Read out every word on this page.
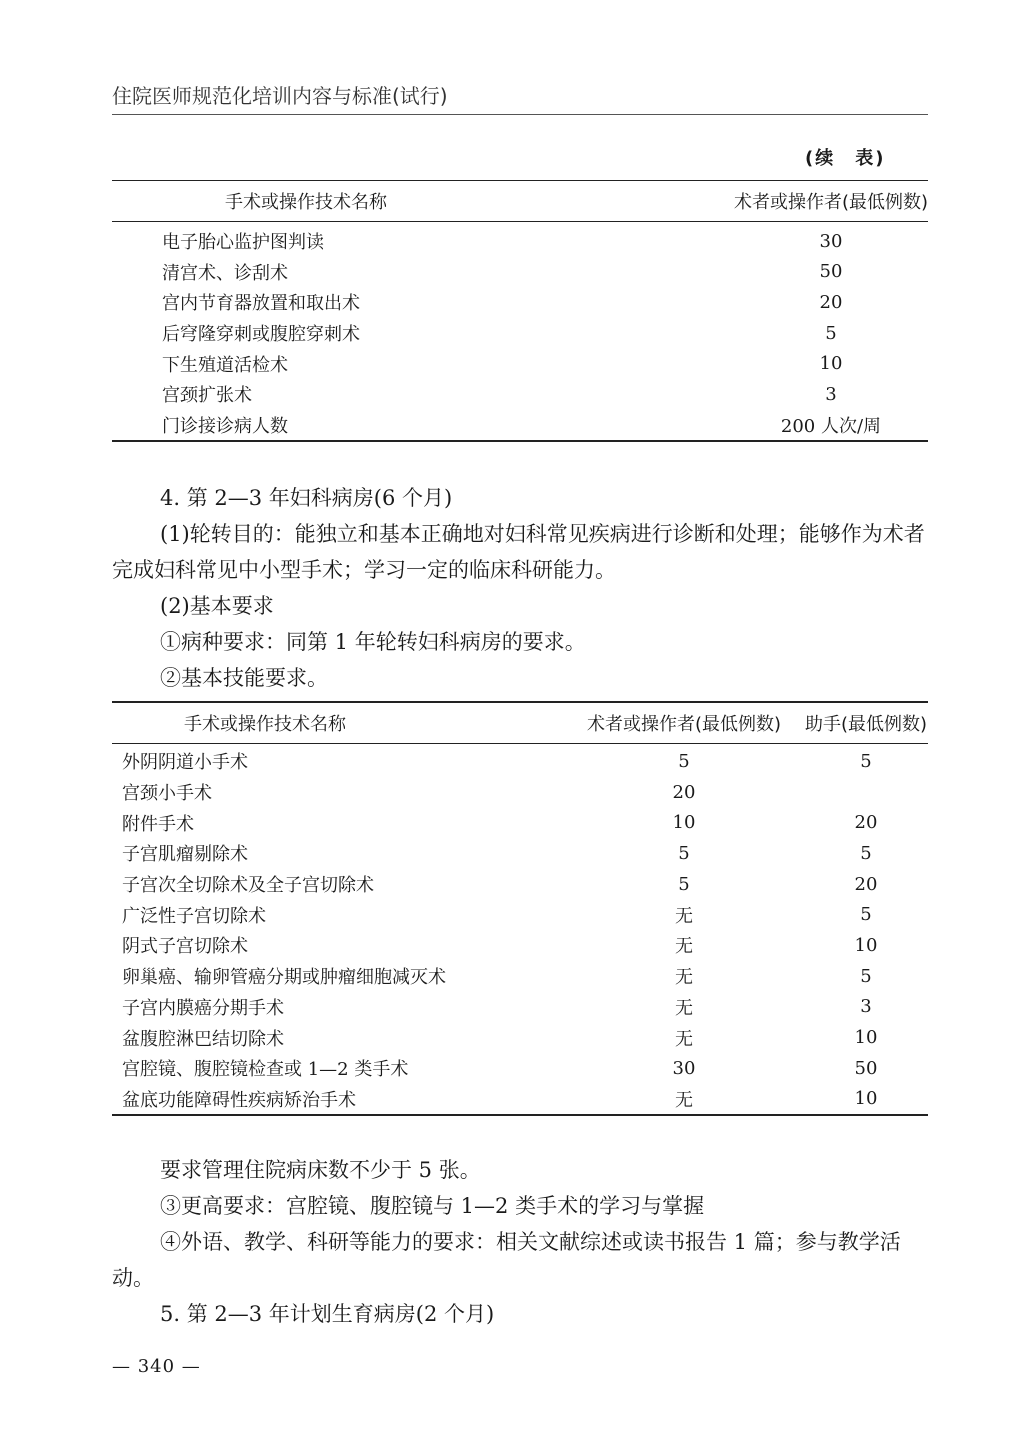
住院医师规范化培训内容与标准(试行)
(续　表)
手术或操作技术名称	术者或操作者(最低例数)
电子胎心监护图判读	30
清宫术、诊刮术	50
宫内节育器放置和取出术	20
后穹隆穿刺或腹腔穿刺术	5
下生殖道活检术	10
宫颈扩张术	3
门诊接诊病人数	200 人次/周
4. 第 2—3 年妇科病房(6 个月)
(1)轮转目的：能独立和基本正确地对妇科常见疾病进行诊断和处理；能够作为术者完成妇科常见中小型手术；学习一定的临床科研能力。
(2)基本要求
①病种要求：同第 1 年轮转妇科病房的要求。
②基本技能要求。
手术或操作技术名称	术者或操作者(最低例数)	助手(最低例数)
外阴阴道小手术	5	5
宫颈小手术	20	
附件手术	10	20
子宫肌瘤剔除术	5	5
子宫次全切除术及全子宫切除术	5	20
广泛性子宫切除术	无	5
阴式子宫切除术	无	10
卵巢癌、输卵管癌分期或肿瘤细胞减灭术	无	5
子宫内膜癌分期手术	无	3
盆腹腔淋巴结切除术	无	10
宫腔镜、腹腔镜检查或 1—2 类手术	30	50
盆底功能障碍性疾病矫治手术	无	10
要求管理住院病床数不少于 5 张。
③更高要求：宫腔镜、腹腔镜与 1—2 类手术的学习与掌握
④外语、教学、科研等能力的要求：相关文献综述或读书报告 1 篇；参与教学活动。
5. 第 2—3 年计划生育病房(2 个月)
— 340 —
